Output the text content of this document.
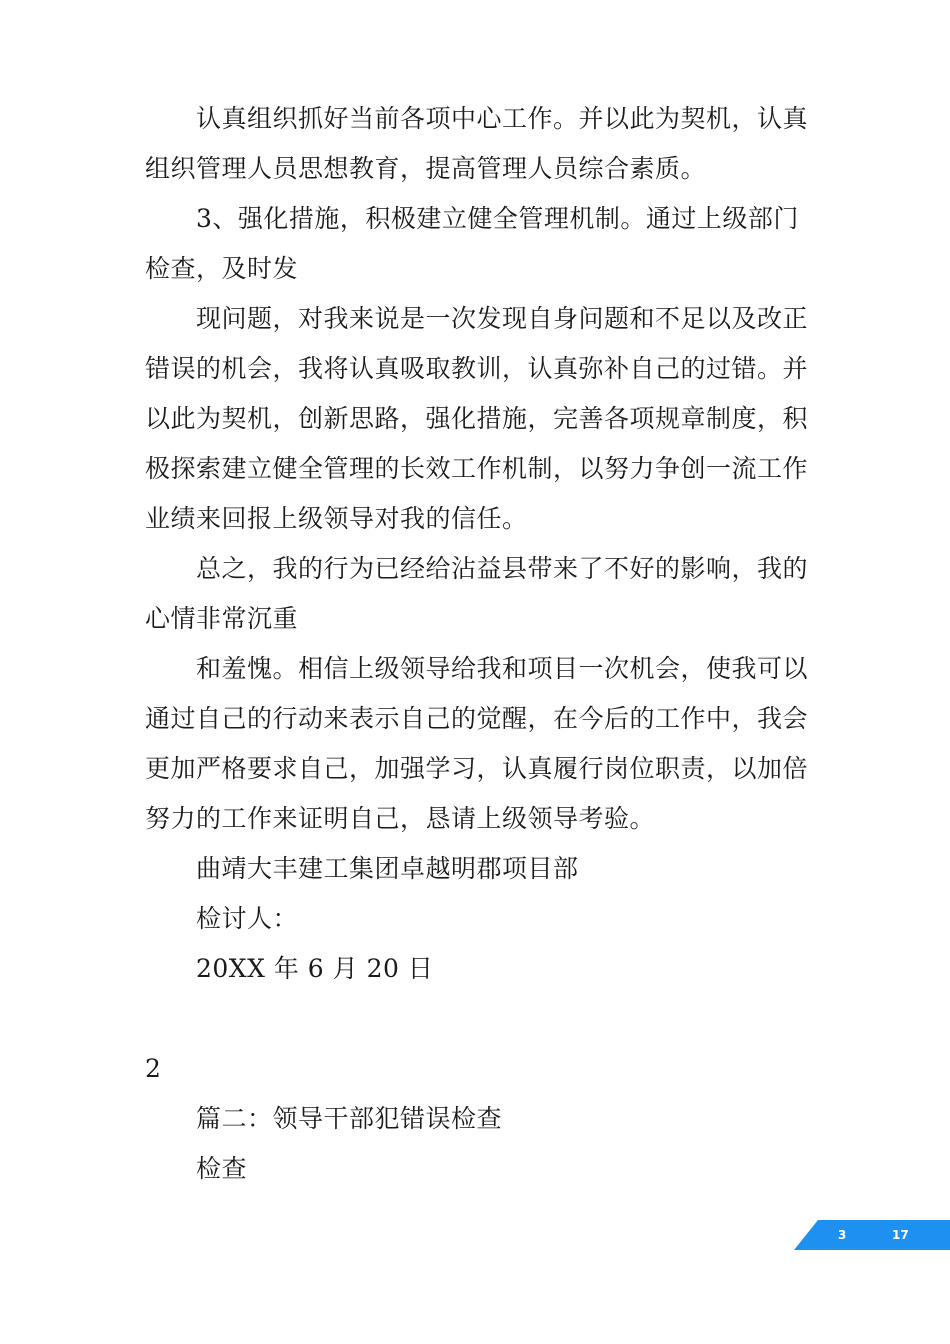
认真组织抓好当前各项中心工作。并以此为契机，认真
组织管理人员思想教育，提高管理人员综合素质。
3、强化措施，积极建立健全管理机制。通过上级部门
检查，及时发
现问题，对我来说是一次发现自身问题和不足以及改正
错误的机会，我将认真吸取教训，认真弥补自己的过错。并
以此为契机，创新思路，强化措施，完善各项规章制度，积
极探索建立健全管理的长效工作机制，以努力争创一流工作
业绩来回报上级领导对我的信任。
总之，我的行为已经给沾益县带来了不好的影响，我的
心情非常沉重
和羞愧。相信上级领导给我和项目一次机会，使我可以
通过自己的行动来表示自己的觉醒，在今后的工作中，我会
更加严格要求自己，加强学习，认真履行岗位职责，以加倍
努力的工作来证明自己，恳请上级领导考验。
曲靖大丰建工集团卓越明郡项目部
检讨人：
20XX 年 6 月 20 日
2
篇二：领导干部犯错误检查
检查
3	17
